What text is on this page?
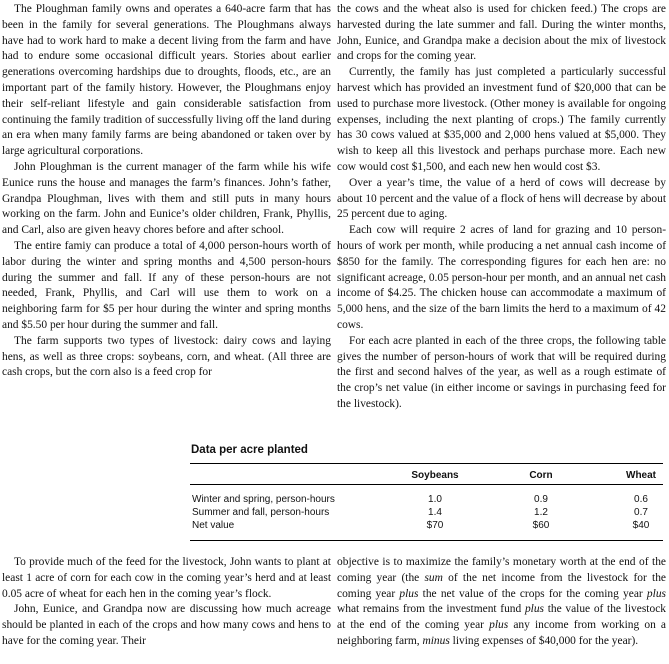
The Ploughman family owns and operates a 640-acre farm that has been in the family for several generations. The Ploughmans always have had to work hard to make a decent living from the farm and have had to endure some occasional difficult years. Stories about earlier generations overcoming hardships due to droughts, floods, etc., are an important part of the family history. However, the Ploughmans enjoy their self-reliant lifestyle and gain considerable satisfaction from continuing the family tradition of successfully living off the land during an era when many family farms are being abandoned or taken over by large agricultural corporations.

John Ploughman is the current manager of the farm while his wife Eunice runs the house and manages the farm’s finances. John’s father, Grandpa Ploughman, lives with them and still puts in many hours working on the farm. John and Eunice’s older children, Frank, Phyllis, and Carl, also are given heavy chores before and after school.

The entire famiy can produce a total of 4,000 person-hours worth of labor during the winter and spring months and 4,500 person-hours during the summer and fall. If any of these person-hours are not needed, Frank, Phyllis, and Carl will use them to work on a neighboring farm for $5 per hour during the winter and spring months and $5.50 per hour during the summer and fall.

The farm supports two types of livestock: dairy cows and laying hens, as well as three crops: soybeans, corn, and wheat. (All three are cash crops, but the corn also is a feed crop for

the cows and the wheat also is used for chicken feed.) The crops are harvested during the late summer and fall. During the winter months, John, Eunice, and Grandpa make a decision about the mix of livestock and crops for the coming year.

Currently, the family has just completed a particularly successful harvest which has provided an investment fund of $20,000 that can be used to purchase more livestock. (Other money is available for ongoing expenses, including the next planting of crops.) The family currently has 30 cows valued at $35,000 and 2,000 hens valued at $5,000. They wish to keep all this livestock and perhaps purchase more. Each new cow would cost $1,500, and each new hen would cost $3.

Over a year’s time, the value of a herd of cows will decrease by about 10 percent and the value of a flock of hens will decrease by about 25 percent due to aging.

Each cow will require 2 acres of land for grazing and 10 person-hours of work per month, while producing a net annual cash income of $850 for the family. The corresponding figures for each hen are: no significant acreage, 0.05 person-hour per month, and an annual net cash income of $4.25. The chicken house can accommodate a maximum of 5,000 hens, and the size of the barn limits the herd to a maximum of 42 cows.

For each acre planted in each of the three crops, the following table gives the number of person-hours of work that will be required during the first and second halves of the year, as well as a rough estimate of the crop’s net value (in either income or savings in purchasing feed for the livestock).

Data per acre planted
Soybeans	Corn	Wheat
Winter and spring, person-hours	1.0	0.9	0.6
Summer and fall, person-hours	1.4	1.2	0.7
Net value	$70	$60	$40

To provide much of the feed for the livestock, John wants to plant at least 1 acre of corn for each cow in the coming year’s herd and at least 0.05 acre of wheat for each hen in the coming year’s flock.

John, Eunice, and Grandpa now are discussing how much acreage should be planted in each of the crops and how many cows and hens to have for the coming year. Their

objective is to maximize the family’s monetary worth at the end of the coming year (the sum of the net income from the livestock for the coming year plus the net value of the crops for the coming year plus what remains from the investment fund plus the value of the livestock at the end of the coming year plus any income from working on a neighboring farm, minus living expenses of $40,000 for the year).
